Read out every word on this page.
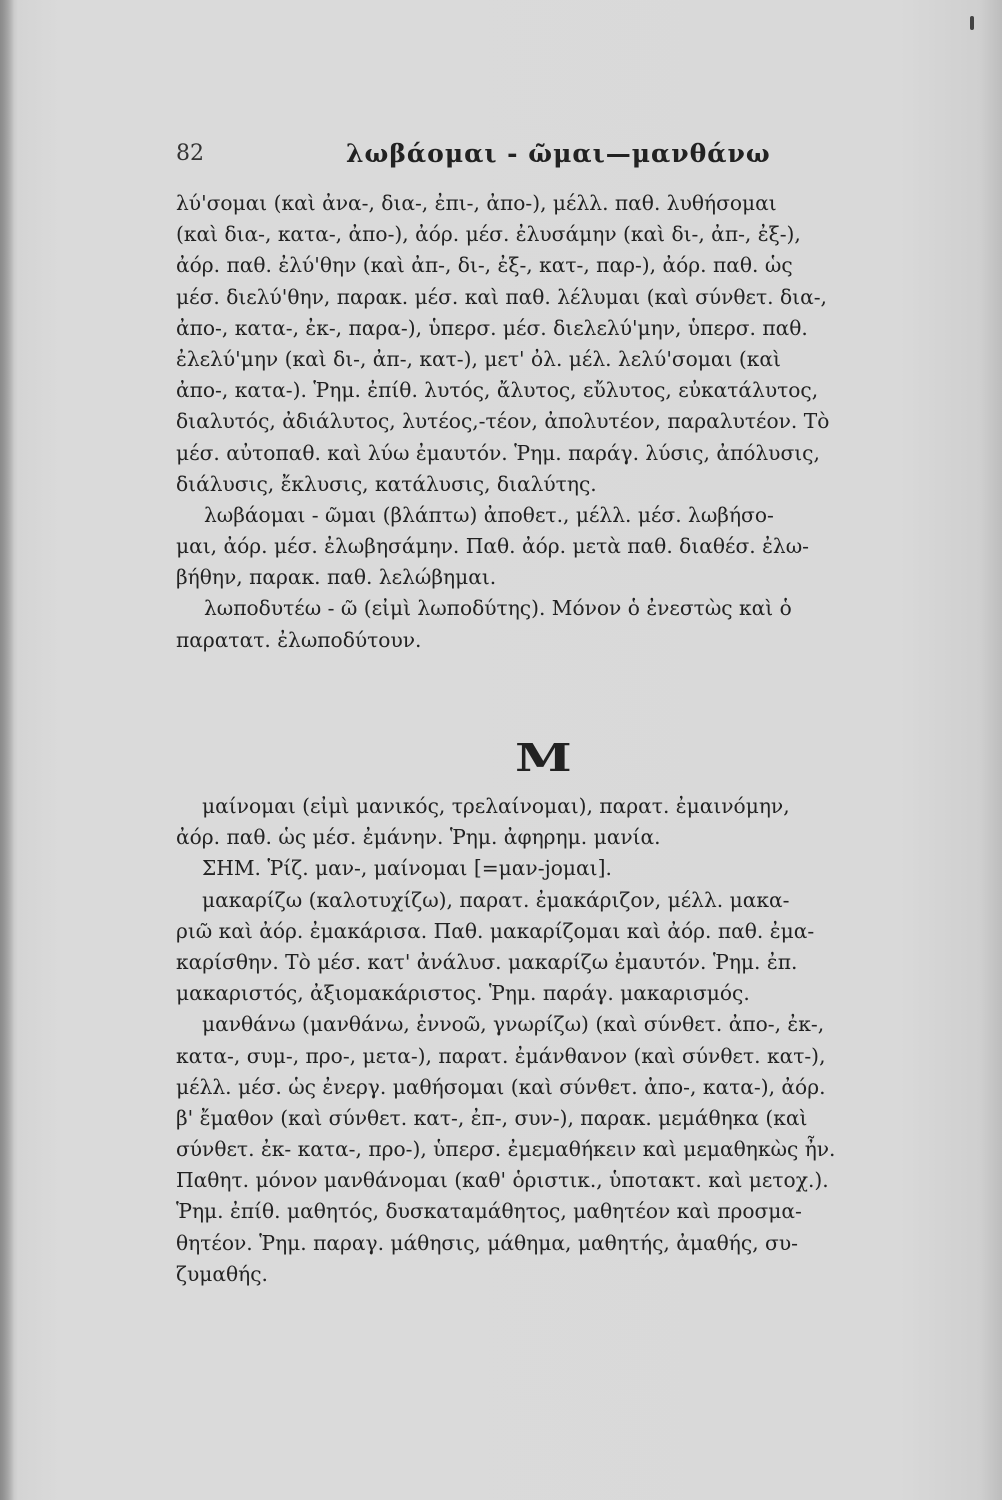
82	λωβάομαι - ῶμαι—μανθάνω
λύ'σομαι (καὶ ἀνα-, δια-, ἐπι-, ἀπο-), μέλλ. παθ. λυθήσομαι
(καὶ δια-, κατα-, ἀπο-), ἀόρ. μέσ. ἐλυσάμην (καὶ δι-, ἀπ-, ἐξ-),
ἀόρ. παθ. ἐλύ'θην (καὶ ἀπ-, δι-, ἐξ-, κατ-, παρ-), ἀόρ. παθ. ὡς
μέσ. διελύ'θην, παρακ. μέσ. καὶ παθ. λέλυμαι (καὶ σύνθετ. δια-,
ἀπο-, κατα-, ἐκ-, παρα-), ὑπερσ. μέσ. διελελύ'μην, ὑπερσ. παθ.
ἐλελύ'μην (καὶ δι-, ἀπ-, κατ-), μετ' ὀλ. μέλ. λελύ'σομαι (καὶ
ἀπο-, κατα-). Ῥημ. ἐπίθ. λυτός, ἄλυτος, εὔλυτος, εὐκατάλυτος,
διαλυτός, ἀδιάλυτος, λυτέος,-τέον, ἀπολυτέον, παραλυτέον. Τὸ
μέσ. αὐτοπαθ. καὶ λύω ἐμαυτόν. Ῥημ. παράγ. λύσις, ἀπόλυσις,
διάλυσις, ἔκλυσις, κατάλυσις, διαλύτης.
λωβάομαι - ῶμαι (βλάπτω) ἀποθετ., μέλλ. μέσ. λωβήσο-
μαι, ἀόρ. μέσ. ἐλωβησάμην. Παθ. ἀόρ. μετὰ παθ. διαθέσ. ἐλω-
βήθην, παρακ. παθ. λελώβημαι.
λωποδυτέω - ῶ (εἰμὶ λωποδύτης). Μόνον ὁ ἐνεστὼς καὶ ὁ
παρατατ. ἐλωποδύτουν.
M
μαίνομαι (εἰμὶ μανικός, τρελαίνομαι), παρατ. ἐμαινόμην,
ἀόρ. παθ. ὡς μέσ. ἐμάνην. Ῥημ. ἀφηρημ. μανία.
ΣΗΜ. Ῥίζ. μαν-, μαίνομαι [=μαν-jομαι].
μακαρίζω (καλοτυχίζω), παρατ. ἐμακάριζον, μέλλ. μακα-
ριῶ καὶ ἀόρ. ἐμακάρισα. Παθ. μακαρίζομαι καὶ ἀόρ. παθ. ἐμα-
καρίσθην. Τὸ μέσ. κατ' ἀνάλυσ. μακαρίζω ἐμαυτόν. Ῥημ. ἐπ.
μακαριστός, ἀξιομακάριστος. Ῥημ. παράγ. μακαρισμός.
μανθάνω (μανθάνω, ἐννοῶ, γνωρίζω) (καὶ σύνθετ. ἀπο-, ἐκ-,
κατα-, συμ-, προ-, μετα-), παρατ. ἐμάνθανον (καὶ σύνθετ. κατ-),
μέλλ. μέσ. ὡς ἐνεργ. μαθήσομαι (καὶ σύνθετ. ἀπο-, κατα-), ἀόρ.
β' ἔμαθον (καὶ σύνθετ. κατ-, ἐπ-, συν-), παρακ. μεμάθηκα (καὶ
σύνθετ. ἐκ- κατα-, προ-), ὑπερσ. ἐμεμαθήκειν καὶ μεμαθηκὼς ἦν.
Παθητ. μόνον μανθάνομαι (καθ' ὁριστικ., ὑποτακτ. καὶ μετοχ.).
Ῥημ. ἐπίθ. μαθητός, δυσκαταμάθητος, μαθητέον καὶ προσμα-
θητέον. Ῥημ. παραγ. μάθησις, μάθημα, μαθητής, ἀμαθής, συ-
ζυμαθής.
